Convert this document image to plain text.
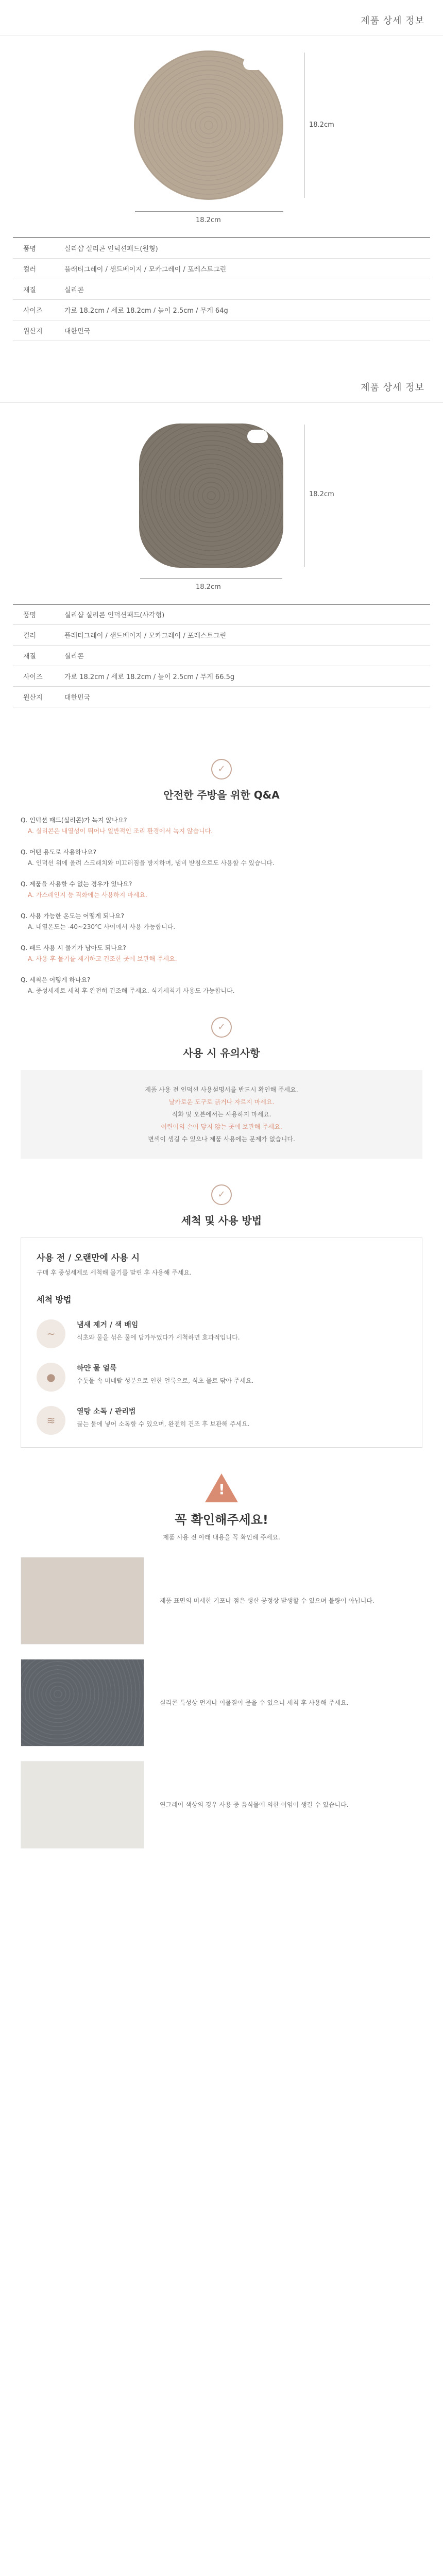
제품 상세 정보
18.2cm
18.2cm
품명	실리샵 실리콘 인덕션패드(원형)
컬러	플래티그레이 / 샌드베이지 / 모카그레이 / 포레스트그린
재질	실리콘
사이즈	가로 18.2cm / 세로 18.2cm / 높이 2.5cm / 무게 64g
원산지	대한민국
제품 상세 정보
18.2cm
18.2cm
품명	실리샵 실리콘 인덕션패드(사각형)
컬러	플래티그레이 / 샌드베이지 / 모카그레이 / 포레스트그린
재질	실리콘
사이즈	가로 18.2cm / 세로 18.2cm / 높이 2.5cm / 무게 66.5g
원산지	대한민국
✓
안전한 주방을 위한 Q&A
Q. 인덕션 패드(실리콘)가 녹지 않나요?
A. 실리콘은 내열성이 뛰어나 일반적인 조리 환경에서 녹지 않습니다.
Q. 어떤 용도로 사용하나요?
A. 인덕션 위에 올려 스크래치와 미끄러짐을 방지하며, 냄비 받침으로도 사용할 수 있습니다.
Q. 제품을 사용할 수 없는 경우가 있나요?
A. 가스레인지 등 직화에는 사용하지 마세요.
Q. 사용 가능한 온도는 어떻게 되나요?
A. 내열온도는 -40~230℃ 사이에서 사용 가능합니다.
Q. 패드 사용 시 물기가 남아도 되나요?
A. 사용 후 물기를 제거하고 건조한 곳에 보관해 주세요.
Q. 세척은 어떻게 하나요?
A. 중성세제로 세척 후 완전히 건조해 주세요. 식기세척기 사용도 가능합니다.
✓
사용 시 유의사항
제품 사용 전 인덕션 사용설명서를 반드시 확인해 주세요.
날카로운 도구로 긁거나 자르지 마세요.
직화 및 오븐에서는 사용하지 마세요.
어린이의 손이 닿지 않는 곳에 보관해 주세요.
변색이 생길 수 있으나 제품 사용에는 문제가 없습니다.
✓
세척 및 사용 방법
사용 전 / 오랜만에 사용 시
구매 후 중성세제로 세척해 물기를 말린 후 사용해 주세요.
세척 방법
~
냄새 제거 / 색 배임
식초와 물을 섞은 물에 담가두었다가 세척하면 효과적입니다.
●
하얀 물 얼룩
수돗물 속 미네랄 성분으로 인한 얼룩으로, 식초 물로 닦아 주세요.
≋
열탕 소독 / 관리법
끓는 물에 넣어 소독할 수 있으며, 완전히 건조 후 보관해 주세요.
!
꼭 확인해주세요!
제품 사용 전 아래 내용을 꼭 확인해 주세요.
제품 표면의 미세한 기포나 점은 생산 공정상 발생할 수 있으며 불량이 아닙니다.
실리콘 특성상 먼지나 이물질이 묻을 수 있으니 세척 후 사용해 주세요.
연그레이 색상의 경우 사용 중 음식물에 의한 이염이 생길 수 있습니다.
